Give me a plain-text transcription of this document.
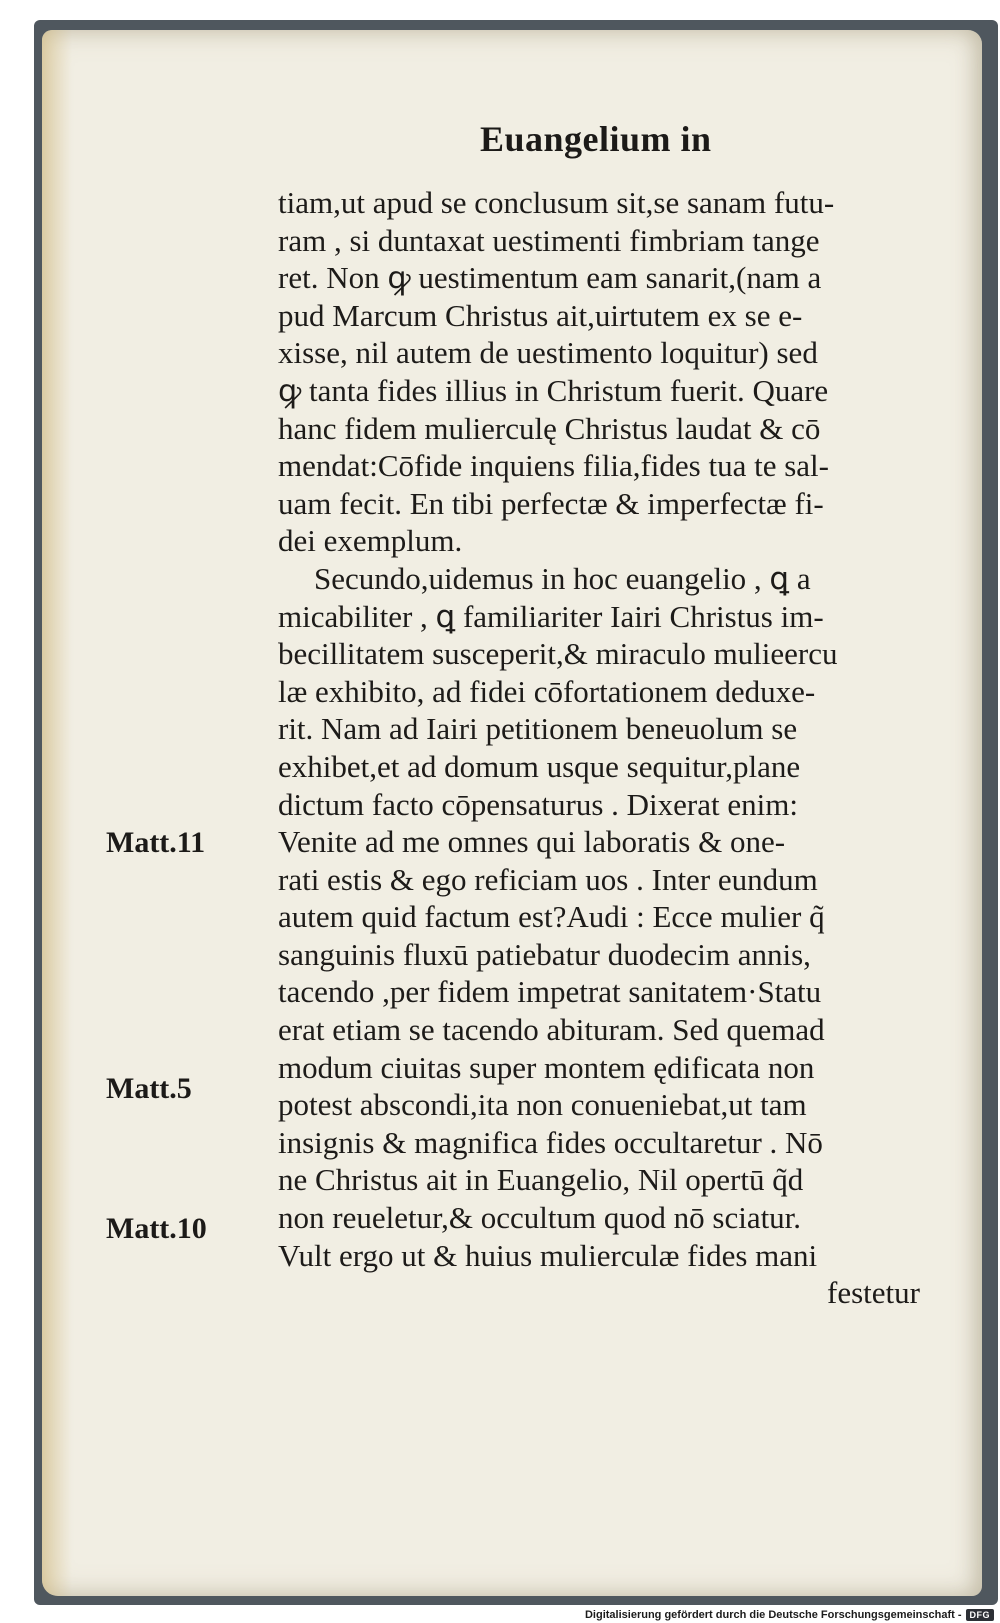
Euangelium in
tiam,ut apud se conclusum sit,se sanam futu-
ram , si duntaxat uestimenti fimbriam tange
ret. Non ꝙ uestimentum eam sanarit,(nam a
pud Marcum Christus ait,uirtutem ex se e-
xisse, nil autem de uestimento loquitur) sed
ꝙ tanta fides illius in Christum fuerit. Quare
hanc fidem mulierculę Christus laudat & cō
mendat:Cōfide inquiens filia,fides tua te sal-
uam fecit. En tibi perfectæ & imperfectæ fi-
dei exemplum.
Secundo,uidemus in hoc euangelio , ꝗ a
micabiliter , ꝗ familiariter Iairi Christus im-
becillitatem susceperit,& miraculo mulieercu
læ exhibito, ad fidei cōfortationem deduxe-
rit. Nam ad Iairi petitionem beneuolum se
exhibet,et ad domum usque sequitur,plane
dictum facto cōpensaturus . Dixerat enim:
Venite ad me omnes qui laboratis & one-
rati estis & ego reficiam uos . Inter eundum
autem quid factum est?Audi : Ecce mulier q̃
sanguinis fluxū patiebatur duodecim annis,
tacendo ,per fidem impetrat sanitatem·Statu
erat etiam se tacendo abituram. Sed quemad
modum ciuitas super montem ędificata non
potest abscondi,ita non conueniebat,ut tam
insignis & magnifica fides occultaretur . Nō
ne Christus ait in Euangelio, Nil opertū q̃d
non reueletur,& occultum quod nō sciatur.
Vult ergo ut & huius mulierculæ fides mani
festetur
Matt.11
Matt.5
Matt.10
Digitalisierung gefördert durch die Deutsche Forschungsgemeinschaft - DFG
